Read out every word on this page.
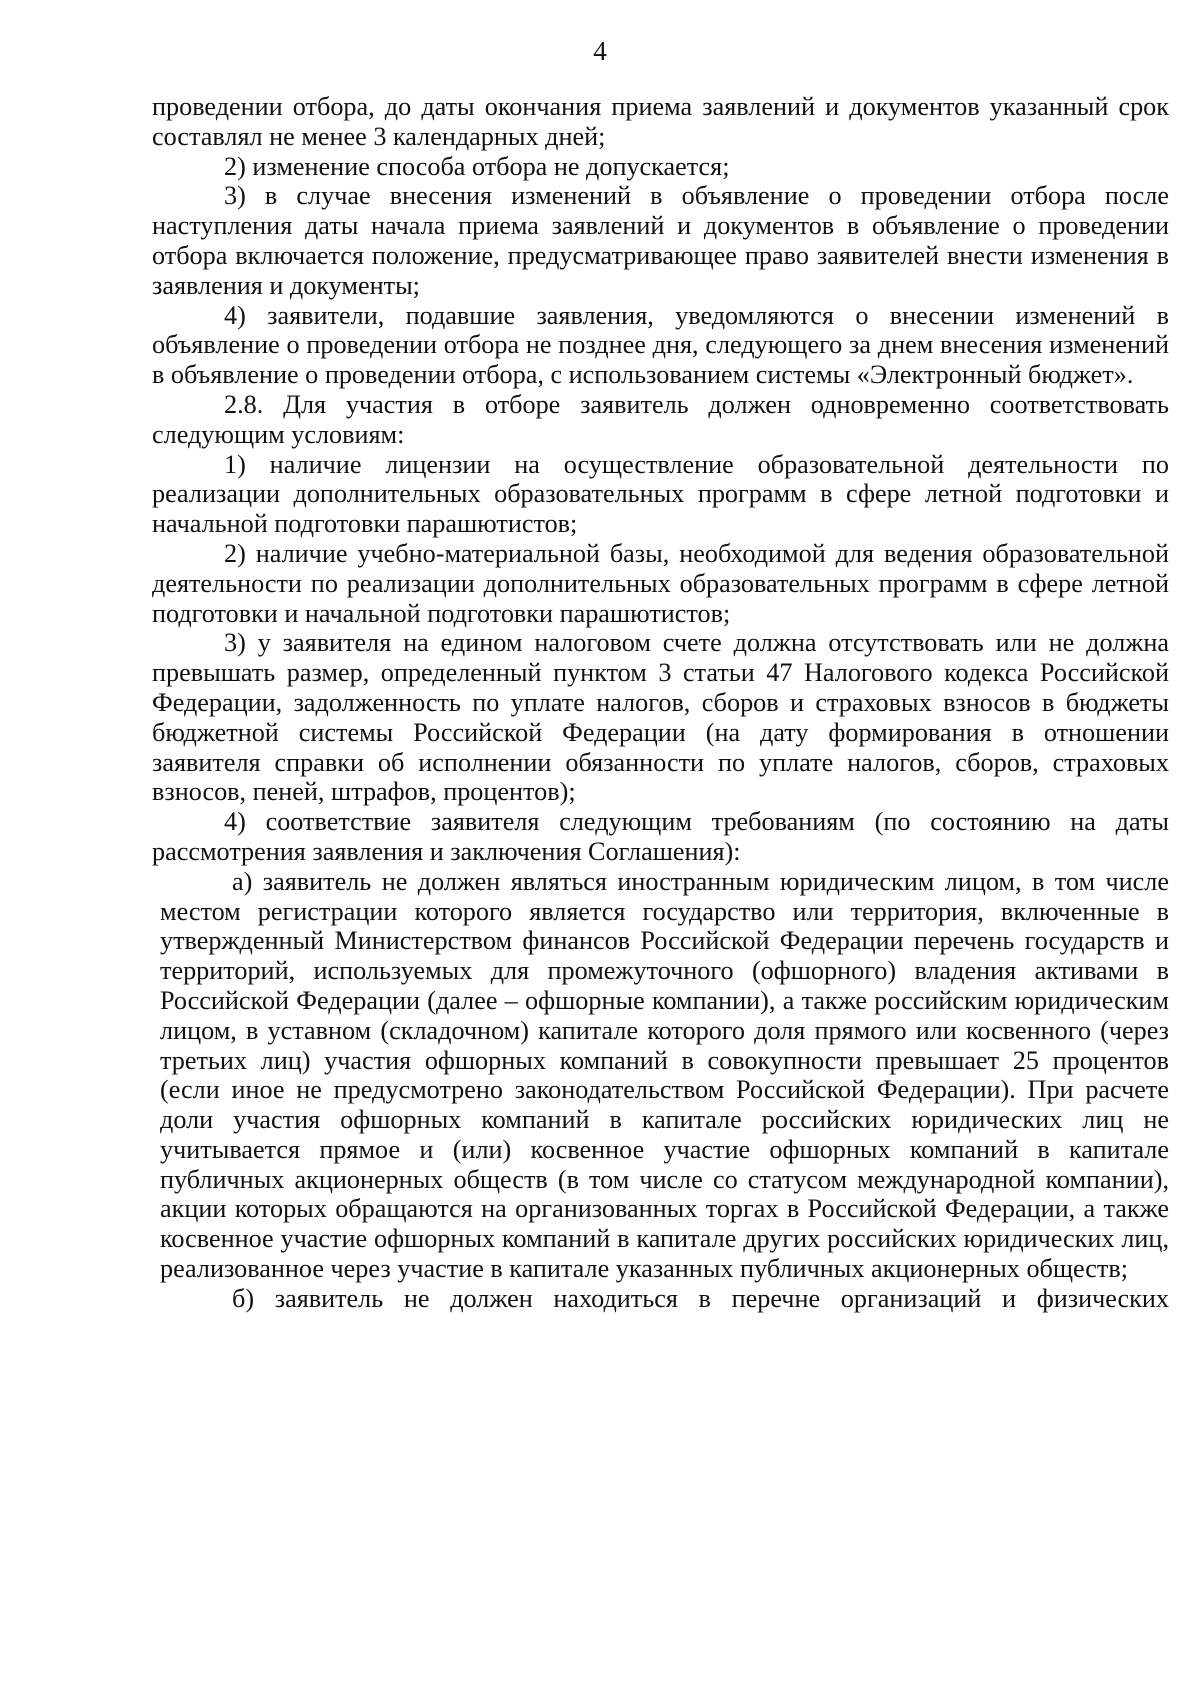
4

проведении отбора, до даты окончания приема заявлений и документов указанный срок составлял не менее 3 календарных дней;

2) изменение способа отбора не допускается;

3) в случае внесения изменений в объявление о проведении отбора после наступления даты начала приема заявлений и документов в объявление о проведении отбора включается положение, предусматривающее право заявителей внести изменения в заявления и документы;

4) заявители, подавшие заявления, уведомляются о внесении изменений в объявление о проведении отбора не позднее дня, следующего за днем внесения изменений в объявление о проведении отбора, с использованием системы «Электронный бюджет».

2.8. Для участия в отборе заявитель должен одновременно соответствовать следующим условиям:

1) наличие лицензии на осуществление образовательной деятельности по реализации дополнительных образовательных программ в сфере летной подготовки и начальной подготовки парашютистов;

2) наличие учебно-материальной базы, необходимой для ведения образовательной деятельности по реализации дополнительных образовательных программ в сфере летной подготовки и начальной подготовки парашютистов;

3) у заявителя на едином налоговом счете должна отсутствовать или не должна превышать размер, определенный пунктом 3 статьи 47 Налогового кодекса Российской Федерации, задолженность по уплате налогов, сборов и страховых взносов в бюджеты бюджетной системы Российской Федерации (на дату формирования в отношении заявителя справки об исполнении обязанности по уплате налогов, сборов, страховых взносов, пеней, штрафов, процентов);

4) соответствие заявителя следующим требованиям (по состоянию на даты рассмотрения заявления и заключения Соглашения):

а) заявитель не должен являться иностранным юридическим лицом, в том числе местом регистрации которого является государство или территория, включенные в утвержденный Министерством финансов Российской Федерации перечень государств и территорий, используемых для промежуточного (офшорного) владения активами в Российской Федерации (далее – офшорные компании), а также российским юридическим лицом, в уставном (складочном) капитале которого доля прямого или косвенного (через третьих лиц) участия офшорных компаний в совокупности превышает 25 процентов (если иное не предусмотрено законодательством Российской Федерации). При расчете доли участия офшорных компаний в капитале российских юридических лиц не учитывается прямое и (или) косвенное участие офшорных компаний в капитале публичных акционерных обществ (в том числе со статусом международной компании), акции которых обращаются на организованных торгах в Российской Федерации, а также косвенное участие офшорных компаний в капитале других российских юридических лиц, реализованное через участие в капитале указанных публичных акционерных обществ;

б) заявитель не должен находиться в перечне организаций и физических
